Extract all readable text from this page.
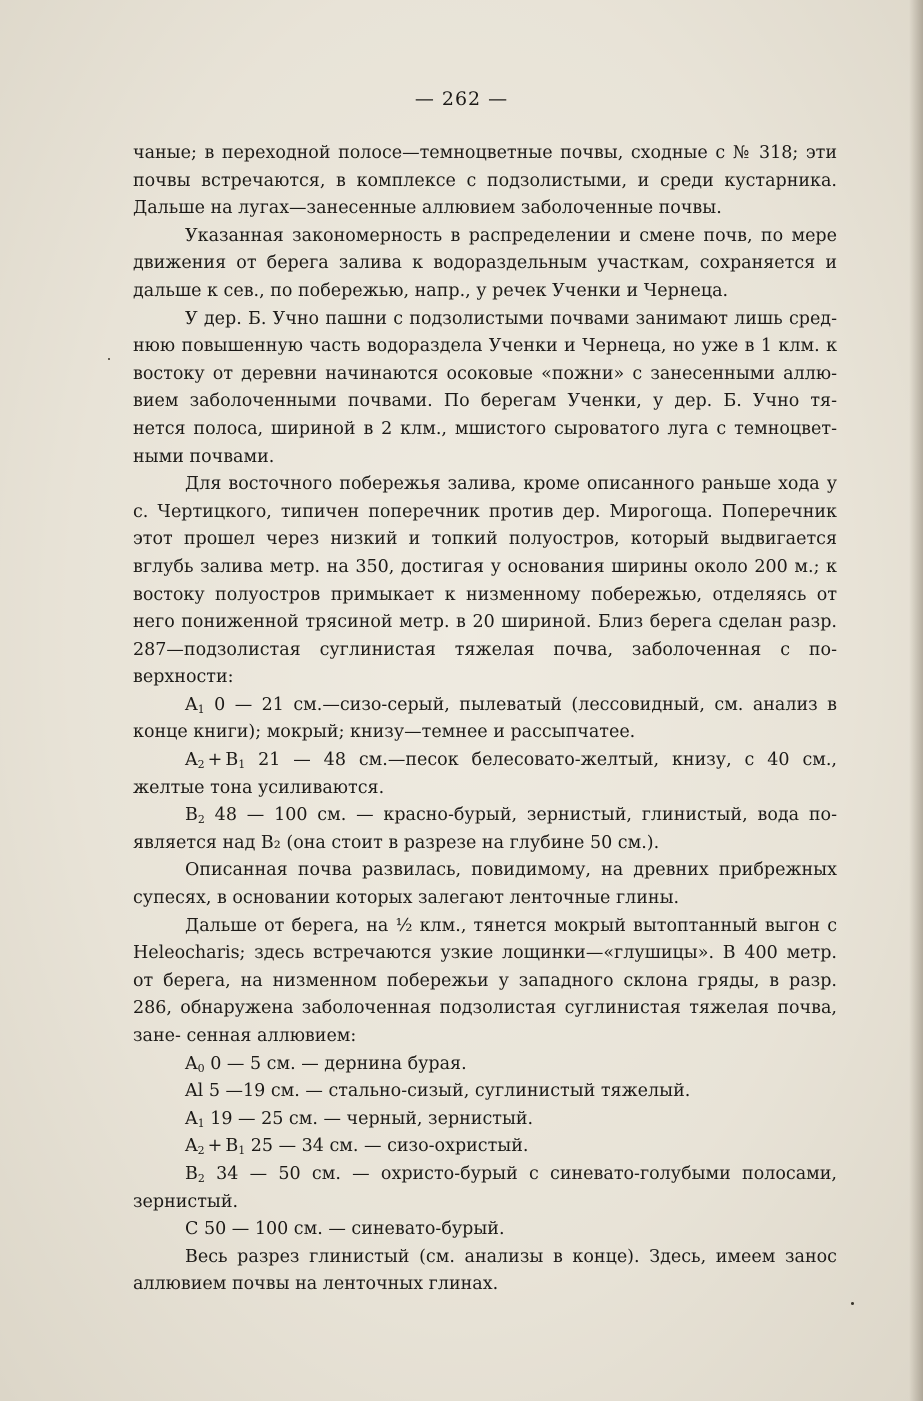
— 262 —

чаные; в переходной полосе—темноцветные почвы, сходные с № 318; эти почвы встречаются, в комплексе с подзолистыми, и среди кустарника. Дальше на лугах—занесенные аллювием заболоченные почвы.

Указанная закономерность в распределении и смене почв, по мере движения от берега залива к водораздельным участкам, сохраняется и дальше к сев., по побережью, напр., у речек Ученки и Чернеца.

У дер. Б. Учно пашни с подзолистыми почвами занимают лишь сред- нюю повышенную часть водораздела Ученки и Чернеца, но уже в 1 клм. к востоку от деревни начинаются осоковые «пожни» с занесенными аллю- вием заболоченными почвами. По берегам Ученки, у дер. Б. Учно тя- нется полоса, шириной в 2 клм., мшистого сыроватого луга с темноцвет- ными почвами.

Для восточного побережья залива, кроме описанного раньше хода у с. Чертицкого, типичен поперечник против дер. Мирогоща. Поперечник этот прошел через низкий и топкий полуостров, который выдвигается вглубь залива метр. на 350, достигая у основания ширины около 200 м.; к востоку полуостров примыкает к низменному побережью, отделяясь от него пониженной трясиной метр. в 20 шириной. Близ берега сделан разр. 287—подзолистая суглинистая тяжелая почва, заболоченная с по- верхности:

$A_1$ 0 — 21 см.—сизо-серый, пылеватый (лессовидный, см. анализ в конце книги); мокрый; книзу—темнее и рассыпчатее.

$A_2 + B_1$ 21 — 48 см.—песок белесовато-желтый, книзу, с 40 см., желтые тона усиливаются.

$B_2$ 48 — 100 см. — красно-бурый, зернистый, глинистый, вода по- является над B₂ (она стоит в разрезе на глубине 50 см.).

Описанная почва развилась, повидимому, на древних прибрежных супесях, в основании которых залегают ленточные глины.

Дальше от берега, на ½ клм., тянется мокрый вытоптанный выгон с Heleocharis; здесь встречаются узкие лощинки—«глушицы». В 400 метр. от берега, на низменном побережьи у западного склона гряды, в разр. 286, обнаружена заболоченная подзолистая суглинистая тяжелая почва, зане- сенная аллювием:

$A_0$ 0 — 5 см. — дернина бурая.

Al 5 —19 см. — стально-сизый, суглинистый тяжелый.

$A_1$ 19 — 25 см. — черный, зернистый.

$A_2 + B_1$ 25 — 34 см. — сизо-охристый.

$B_2$ 34 — 50 см. — охристо-бурый с синевато-голубыми полосами, зернистый.

C 50 — 100 см. — синевато-бурый.

Весь разрез глинистый (см. анализы в конце). Здесь, имеем занос аллювием почвы на ленточных глинах.
